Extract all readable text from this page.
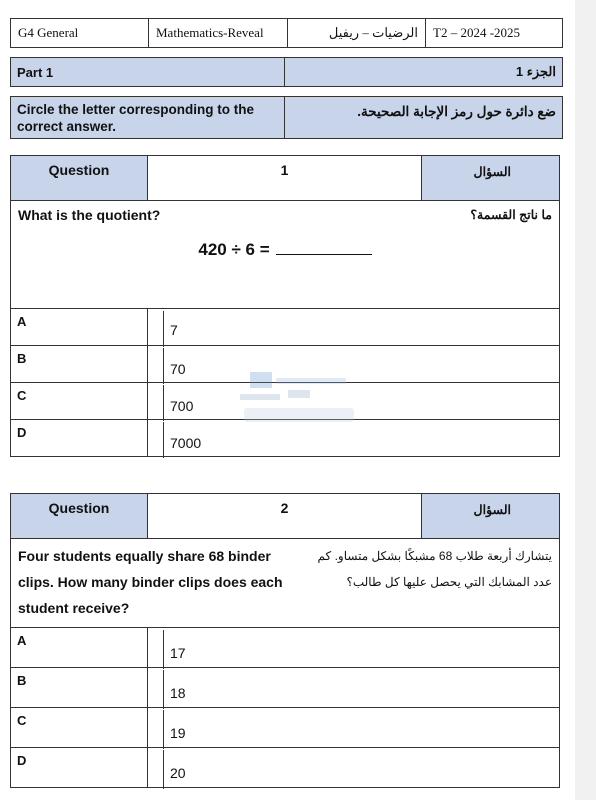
G4 General	Mathematics-Reveal	الرضيات – ريفيل	T2 – 2024 -2025
Part 1	الجزء 1
Circle the letter corresponding to the correct answer.	ضع دائرة حول رمز الإجابة الصحيحة.
Question	1	السؤال

What is the quotient? ما ناتج القسمة؟
420 ÷ 6 =		

A	7	

B	70	

C	700	

D	7000	
Question	2	السؤال

Four students equally share 68 binder clips. How many binder clips does each student receive?
يتشارك أربعة طلاب 68 مشبكًا بشكل متساو. كم عدد المشابك التي يحصل عليها كل طالب؟		

A	17	

B	18	

C	19	

D	20	
